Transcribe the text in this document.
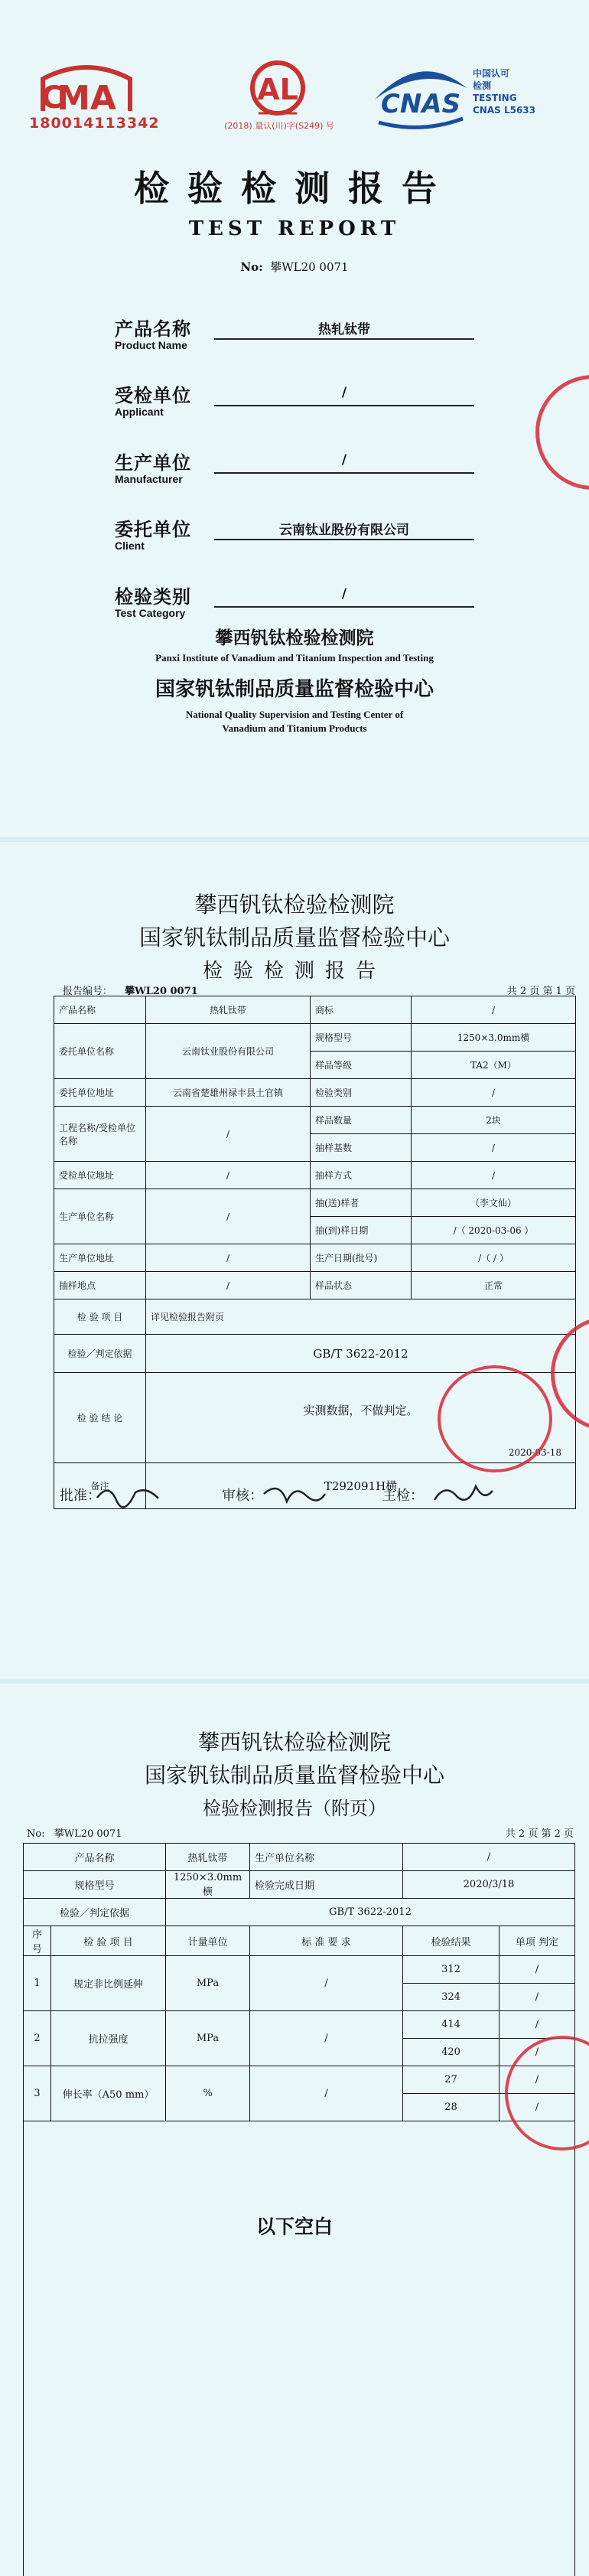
MA
C
180014113342
AL
(2018) 量认(川)字(S249) 号
CNAS
中国认可
检测
TESTING
CNAS L5633
检验检测报告
TEST REPORT
No: 攀WL20 0071
产品名称
Product Name
热轧钛带
受检单位
Applicant
/
生产单位
Manufacturer
/
委托单位
Client
云南钛业股份有限公司
检验类别
Test Category
/
攀西钒钛检验检测院
Panxi Institute of Vanadium and Titanium Inspection and Testing
国家钒钛制品质量监督检验中心
National Quality Supervision and Testing Center of
Vanadium and Titanium Products
攀西钒钛检验检测院
国家钒钛制品质量监督检验中心
检验检测报告
报告编号： 攀WL20 0071	共 2 页 第 1 页
产品名称	热轧钛带	商标	/
委托单位名称	云南钛业股份有限公司	规格型号	1250×3.0mm横
		样品等级	TA2（M）
委托单位地址	云南省楚雄州禄丰县土官镇	检验类别	/
工程名称/受检单位名称	/	样品数量	2块
		抽样基数	/
受检单位地址	/	抽样方式	/
生产单位名称	/	抽(送)样者	（李文仙）
		抽(到)样日期	/（ 2020-03-06 ）
生产单位地址	/	生产日期(批号)	/（ / ）
抽样地点	/	样品状态	正常
检 验 项 目	详见检验报告附页		
检验／判定依据	GB/T 3622-2012		
检 验 结 论	实测数据，不做判定。
2020-03-18		

备注	T292091H横		
批准：	审核：	主检：
攀西钒钛检验检测院
国家钒钛制品质量监督检验中心
检验检测报告（附页）
No: 攀WL20 0071	共 2 页 第 2 页
产品名称		热轧钛带	生产单位名称	/	
规格型号		1250×3.0mm横	检验完成日期	2020/3/18	
检验／判定依据		GB/T 3622-2012			
序号	检 验 项 目	计量单位	标 准 要 求	检验结果	单项 判定
1	规定非比例延伸	MPa	/	312	/
				324	/
2	抗拉强度	MPa	/	414	/
				420	/
3	伸长率（A50 mm）	%	/	27	/
				28	/
以下空白
